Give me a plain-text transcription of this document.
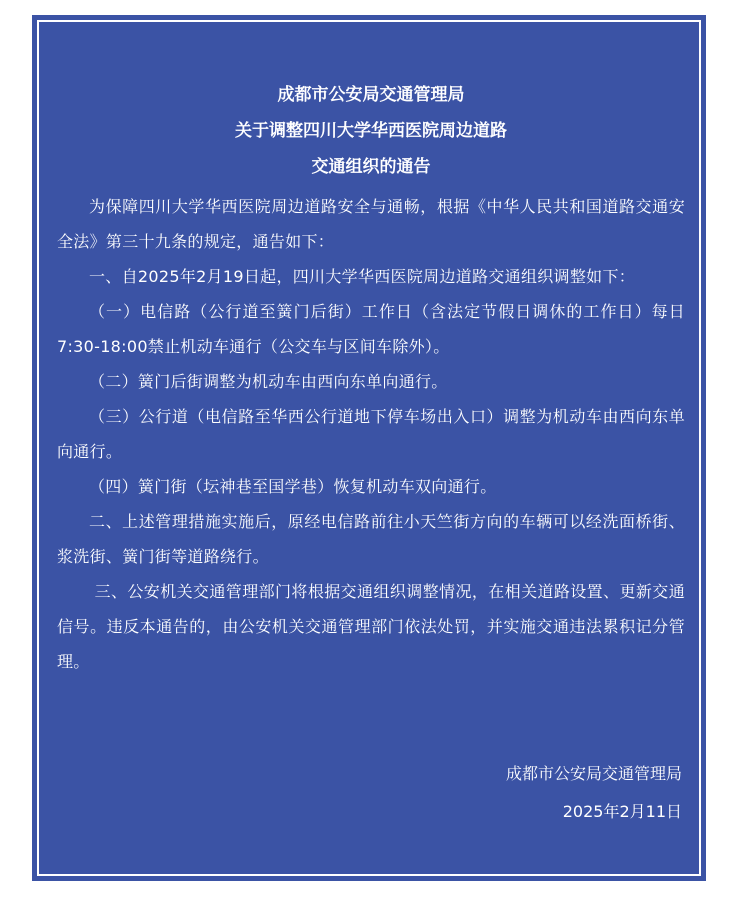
成都市公安局交通管理局

关于调整四川大学华西医院周边道路

交通组织的通告

为保障四川大学华西医院周边道路安全与通畅，根据《中华人民共和国道路交通安全法》第三十九条的规定，通告如下：

一、自2025年2月19日起，四川大学华西医院周边道路交通组织调整如下：

（一）电信路（公行道至簧门后街）工作日（含法定节假日调休的工作日）每日7:30-18:00禁止机动车通行（公交车与区间车除外）。

（二）簧门后街调整为机动车由西向东单向通行。

（三）公行道（电信路至华西公行道地下停车场出入口）调整为机动车由西向东单向通行。

（四）簧门街（坛神巷至国学巷）恢复机动车双向通行。

二、上述管理措施实施后，原经电信路前往小天竺街方向的车辆可以经洗面桥街、浆洗街、簧门街等道路绕行。

三、公安机关交通管理部门将根据交通组织调整情况，在相关道路设置、更新交通信号。违反本通告的，由公安机关交通管理部门依法处罚，并实施交通违法累积记分管理。

成都市公安局交通管理局
2025年2月11日
